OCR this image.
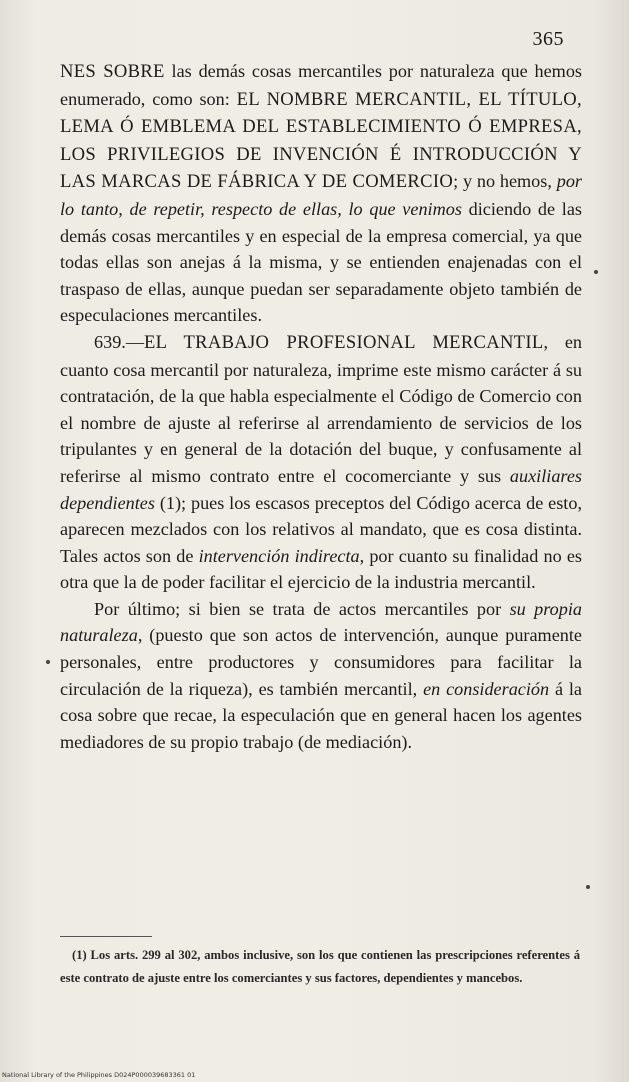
365

NES SOBRE las demás cosas mercantiles por naturaleza que hemos enumerado, como son: EL NOMBRE MERCANTIL, EL TÍTULO, LEMA Ó EMBLEMA DEL ESTABLECIMIENTO Ó EMPRESA, LOS PRIVILEGIOS DE INVENCIÓN É INTRODUCCIÓN Y LAS MARCAS DE FÁBRICA Y DE COMERCIO; y no hemos, por lo tanto, de repetir, respecto de ellas, lo que venimos diciendo de las demás cosas mercantiles y en especial de la empresa comercial, ya que todas ellas son anejas á la misma, y se entienden enajenadas con el traspaso de ellas, aunque puedan ser separadamente objeto también de especulaciones mercantiles.

639.—EL TRABAJO PROFESIONAL MERCANTIL, en cuanto cosa mercantil por naturaleza, imprime este mismo carácter á su contratación, de la que habla especialmente el Código de Comercio con el nombre de ajuste al referirse al arrendamiento de servicios de los tripulantes y en general de la dotación del buque, y confusamente al referirse al mismo contrato entre el cocomerciante y sus auxiliares dependientes (1); pues los escasos preceptos del Código acerca de esto, aparecen mezclados con los relativos al mandato, que es cosa distinta. Tales actos son de intervención indirecta, por cuanto su finalidad no es otra que la de poder facilitar el ejercicio de la industria mercantil.

Por último; si bien se trata de actos mercantiles por su propia naturaleza, (puesto que son actos de intervención, aunque puramente personales, entre productores y consumidores para facilitar la circulación de la riqueza), es también mercantil, en consideración á la cosa sobre que recae, la especulación que en general hacen los agentes mediadores de su propio trabajo (de mediación).

(1) Los arts. 299 al 302, ambos inclusive, son los que contienen las prescripciones referentes á este contrato de ajuste entre los comerciantes y sus factores, dependientes y mancebos.
National Library of the Philippines D024P000039683361 01
